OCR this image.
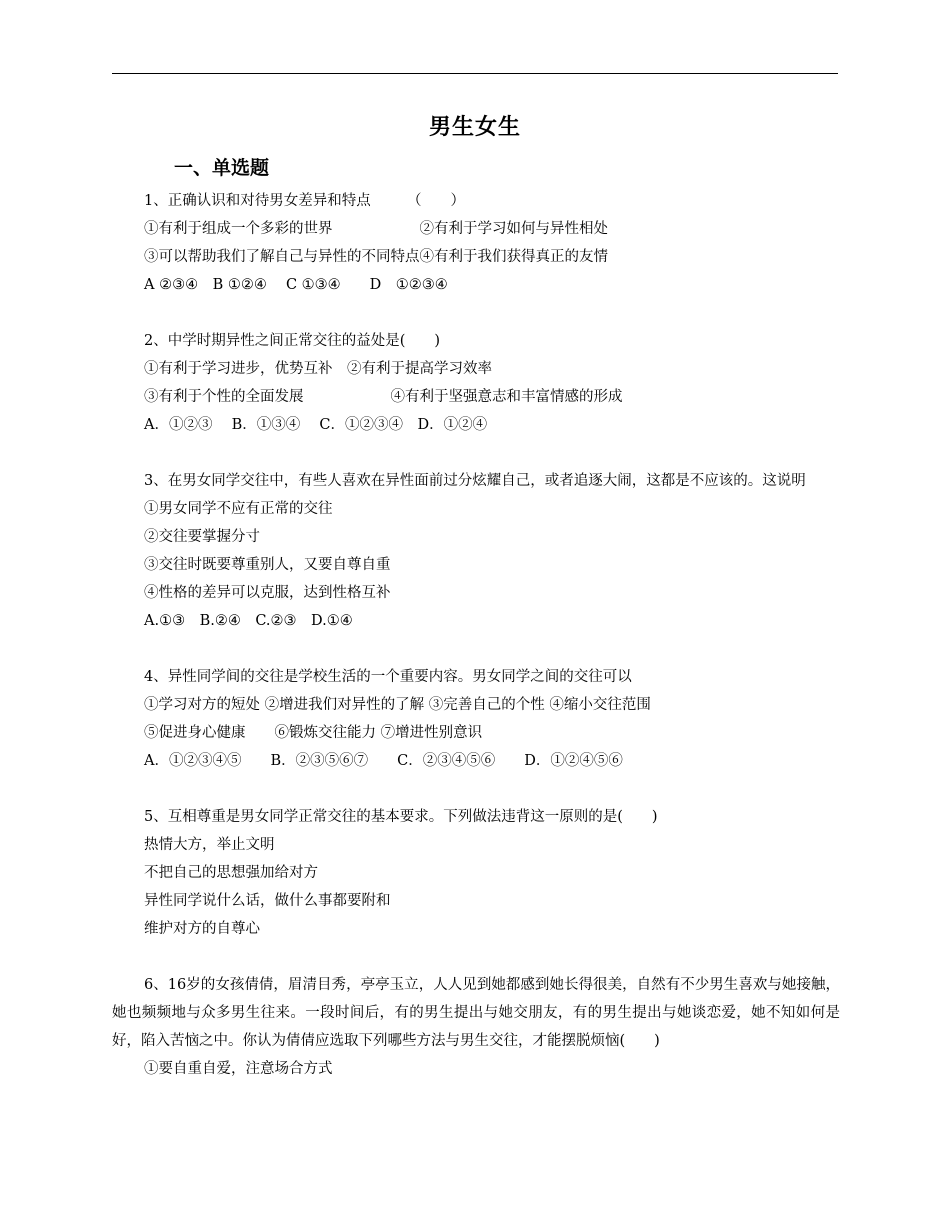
男生女生
一、单选题

1、正确认识和对待男女差异和特点　　　（　　）

①有利于组成一个多彩的世界　　　　　　②有利于学习如何与异性相处

③可以帮助我们了解自己与异性的不同特点④有利于我们获得真正的友情

A ②③④　B ①②④　 C ①③④　　D　①②③④

2、中学时期异性之间正常交往的益处是(　　)

①有利于学习进步，优势互补　②有利于提高学习效率

③有利于个性的全面发展　　　　　　④有利于坚强意志和丰富情感的形成

A．①②③　 B．①③④　 C．①②③④　D．①②④

3、在男女同学交往中，有些人喜欢在异性面前过分炫耀自己，或者追逐大闹，这都是不应该的。这说明

①男女同学不应有正常的交往

②交往要掌握分寸

③交往时既要尊重别人，又要自尊自重

④性格的差异可以克服，达到性格互补

A.①③　B.②④　C.②③　D.①④

4、异性同学间的交往是学校生活的一个重要内容。男女同学之间的交往可以

①学习对方的短处 ②增进我们对异性的了解 ③完善自己的个性 ④缩小交往范围

⑤促进身心健康　　⑥锻炼交往能力 ⑦增进性别意识

A．①②③④⑤　　B．②③⑤⑥⑦　　C．②③④⑤⑥　　D．①②④⑤⑥

5、互相尊重是男女同学正常交往的基本要求。下列做法违背这一原则的是(　　)

热情大方，举止文明

不把自己的思想强加给对方

异性同学说什么话，做什么事都要附和

维护对方的自尊心

6、16岁的女孩倩倩，眉清目秀，亭亭玉立，人人见到她都感到她长得很美，自然有不少男生喜欢与她接触，她也频频地与众多男生往来。一段时间后，有的男生提出与她交朋友，有的男生提出与她谈恋爱，她不知如何是好，陷入苦恼之中。你认为倩倩应选取下列哪些方法与男生交往，才能摆脱烦恼(　　)

①要自重自爱，注意场合方式
